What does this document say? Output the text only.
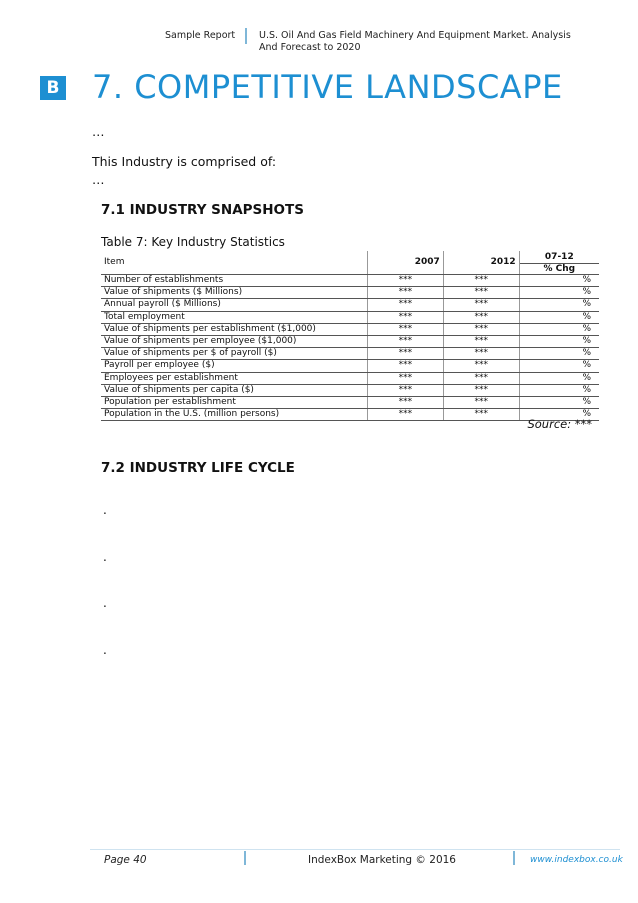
Sample Report	U.S. Oil And Gas Field Machinery And Equipment Market. Analysis And Forecast to 2020
B 7. COMPETITIVE LANDSCAPE
…
This Industry is comprised of:
…
7.1 INDUSTRY SNAPSHOTS
Table 7: Key Industry Statistics
Item	2007	2012	07-12
% Chg

Number of establishments	***	***	%
Value of shipments ($ Millions)	***	***	%
Annual payroll ($ Millions)	***	***	%
Total employment	***	***	%
Value of shipments per establishment ($1,000)	***	***	%
Value of shipments per employee ($1,000)	***	***	%
Value of shipments per $ of payroll ($)	***	***	%
Payroll per employee ($)	***	***	%
Employees per establishment	***	***	%
Value of shipments per capita ($)	***	***	%
Population per establishment	***	***	%
Population in the U.S. (million persons)	***	***	%
Source: ***
7.2 INDUSTRY LIFE CYCLE
.
.
.
.
Page 40	IndexBox Marketing © 2016	www.indexbox.co.uk
